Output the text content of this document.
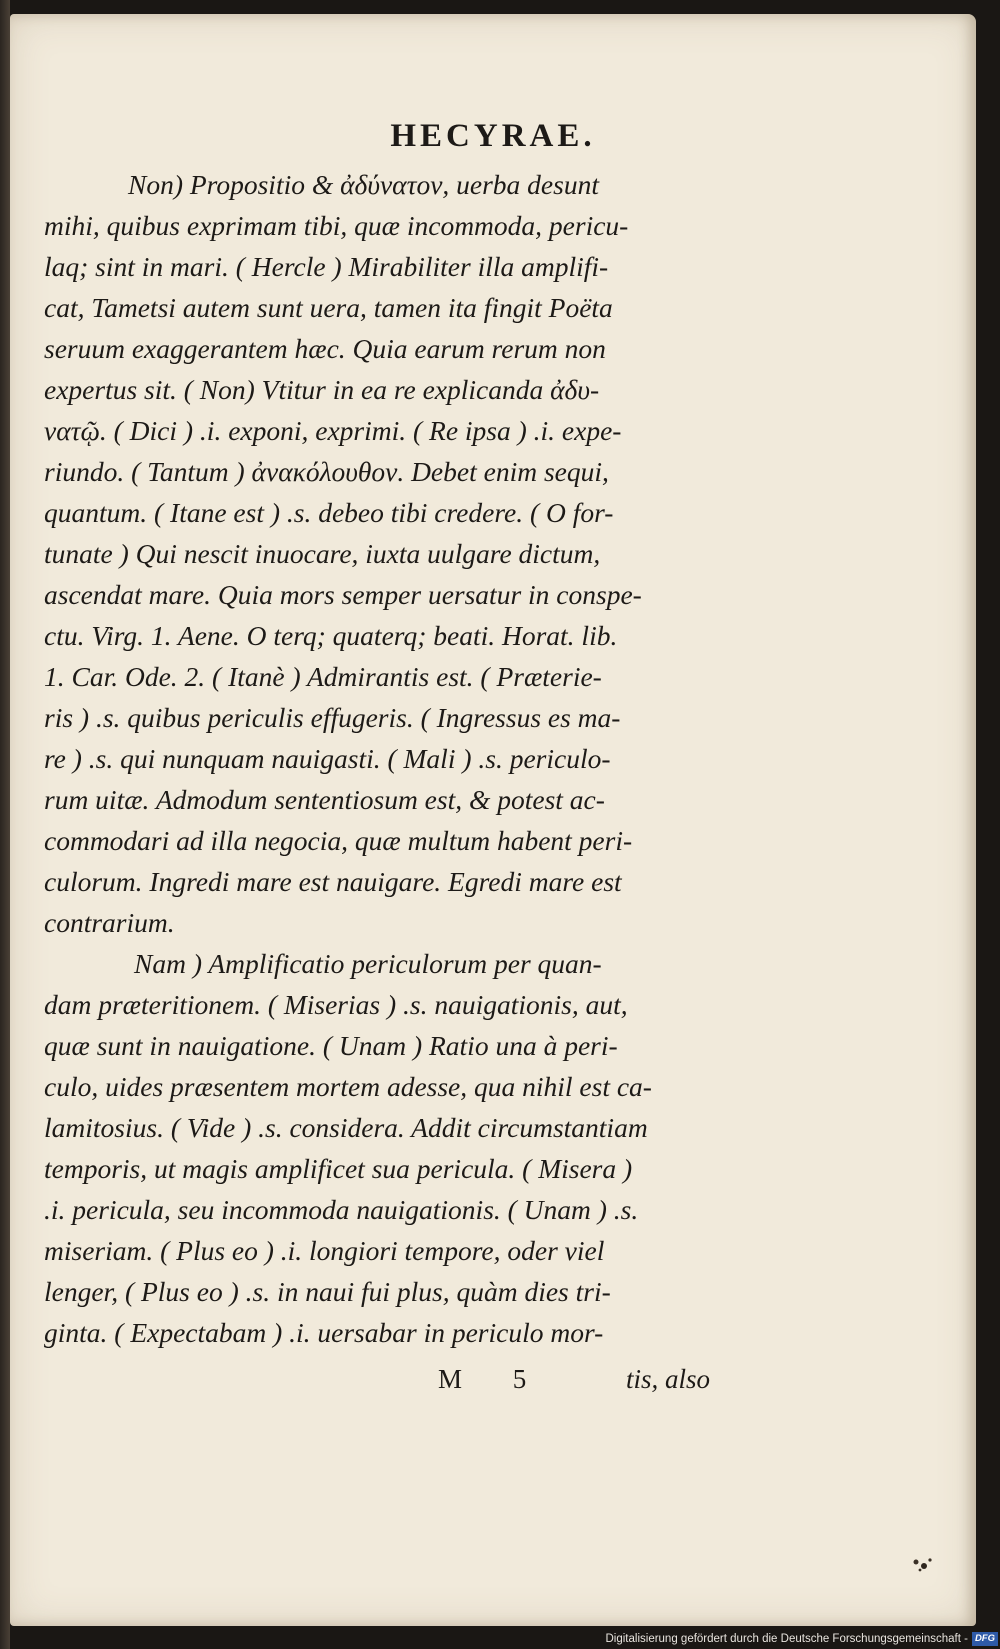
HECYRAE.
Non) Propositio & ἀδύνατον, uerba desunt
mihi, quibus exprimam tibi, quæ incommoda, pericu-
laq; sint in mari. ( Hercle ) Mirabiliter illa amplifi-
cat, Tametsi autem sunt uera, tamen ita fingit Poëta
seruum exaggerantem hæc. Quia earum rerum non
expertus sit. ( Non) Vtitur in ea re explicanda ἀδυ-
νατῷ. ( Dici ) .i. exponi, exprimi. ( Re ipsa ) .i. expe-
riundo. ( Tantum ) ἀνακόλουθον. Debet enim sequi,
quantum. ( Itane est ) .s. debeo tibi credere. ( O for-
tunate ) Qui nescit inuocare, iuxta uulgare dictum,
ascendat mare. Quia mors semper uersatur in conspe-
ctu. Virg. 1. Aene. O terq; quaterq; beati. Horat. lib.
1. Car. Ode. 2. ( Itanè ) Admirantis est. ( Præterie-
ris ) .s. quibus periculis effugeris. ( Ingressus es ma-
re ) .s. qui nunquam nauigasti. ( Mali ) .s. periculo-
rum uitæ. Admodum sententiosum est, & potest ac-
commodari ad illa negocia, quæ multum habent peri-
culorum. Ingredi mare est nauigare. Egredi mare est
contrarium.
Nam ) Amplificatio periculorum per quan-
dam præteritionem. ( Miserias ) .s. nauigationis, aut,
quæ sunt in nauigatione. ( Unam ) Ratio una à peri-
culo, uides præsentem mortem adesse, qua nihil est ca-
lamitosius. ( Vide ) .s. considera. Addit circumstantiam
temporis, ut magis amplificet sua pericula. ( Misera )
.i. pericula, seu incommoda nauigationis. ( Unam ) .s.
miseriam. ( Plus eo ) .i. longiori tempore, oder viel
lenger, ( Plus eo ) .s. in naui fui plus, quàm dies tri-
ginta. ( Expectabam ) .i. uersabar in periculo mor-
M 5	tis, also
Digitalisierung gefördert durch die Deutsche Forschungsgemeinschaft - DFG
